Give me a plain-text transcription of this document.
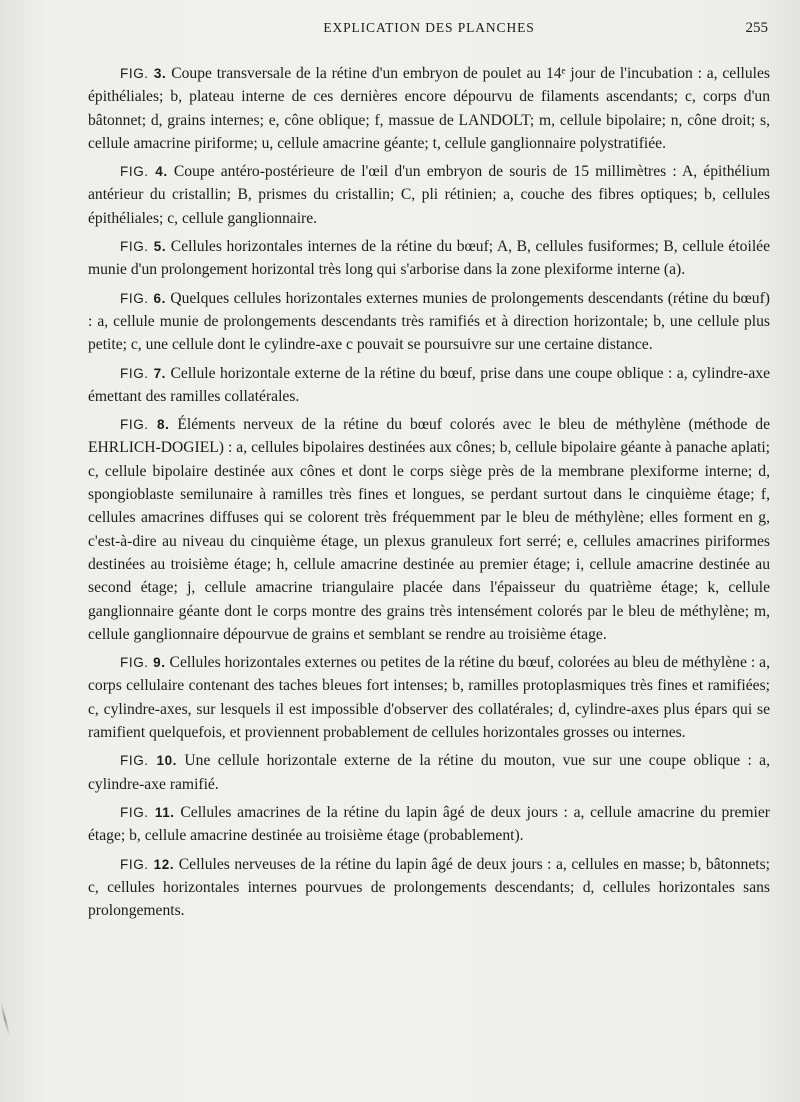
EXPLICATION DES PLANCHES	255

FIG. 3. Coupe transversale de la rétine d'un embryon de poulet au 14ᵉ jour de l'incubation : a, cellules épithéliales; b, plateau interne de ces dernières encore dépourvu de filaments ascendants; c, corps d'un bâtonnet; d, grains internes; e, cône oblique; f, massue de LANDOLT; m, cellule bipolaire; n, cône droit; s, cellule amacrine piriforme; u, cellule amacrine géante; t, cellule ganglionnaire polystratifiée.

FIG. 4. Coupe antéro-postérieure de l'œil d'un embryon de souris de 15 millimètres : A, épithélium antérieur du cristallin; B, prismes du cristallin; C, pli rétinien; a, couche des fibres optiques; b, cellules épithéliales; c, cellule ganglionnaire.

FIG. 5. Cellules horizontales internes de la rétine du bœuf; A, B, cellules fusiformes; B, cellule étoilée munie d'un prolongement horizontal très long qui s'arborise dans la zone plexiforme interne (a).

FIG. 6. Quelques cellules horizontales externes munies de prolongements descendants (rétine du bœuf) : a, cellule munie de prolongements descendants très ramifiés et à direction horizontale; b, une cellule plus petite; c, une cellule dont le cylindre-axe c pouvait se poursuivre sur une certaine distance.

FIG. 7. Cellule horizontale externe de la rétine du bœuf, prise dans une coupe oblique : a, cylindre-axe émettant des ramilles collatérales.

FIG. 8. Éléments nerveux de la rétine du bœuf colorés avec le bleu de méthylène (méthode de EHRLICH-DOGIEL) : a, cellules bipolaires destinées aux cônes; b, cellule bipolaire géante à panache aplati; c, cellule bipolaire destinée aux cônes et dont le corps siège près de la membrane plexiforme interne; d, spongioblaste semilunaire à ramilles très fines et longues, se perdant surtout dans le cinquième étage; f, cellules amacrines diffuses qui se colorent très fréquemment par le bleu de méthylène; elles forment en g, c'est-à-dire au niveau du cinquième étage, un plexus granuleux fort serré; e, cellules amacrines piriformes destinées au troisième étage; h, cellule amacrine destinée au premier étage; i, cellule amacrine destinée au second étage; j, cellule amacrine triangulaire placée dans l'épaisseur du quatrième étage; k, cellule ganglionnaire géante dont le corps montre des grains très intensément colorés par le bleu de méthylène; m, cellule ganglionnaire dépourvue de grains et semblant se rendre au troisième étage.

FIG. 9. Cellules horizontales externes ou petites de la rétine du bœuf, colorées au bleu de méthylène : a, corps cellulaire contenant des taches bleues fort intenses; b, ramilles protoplasmiques très fines et ramifiées; c, cylindre-axes, sur lesquels il est impossible d'observer des collatérales; d, cylindre-axes plus épars qui se ramifient quelquefois, et proviennent probablement de cellules horizontales grosses ou internes.

FIG. 10. Une cellule horizontale externe de la rétine du mouton, vue sur une coupe oblique : a, cylindre-axe ramifié.

FIG. 11. Cellules amacrines de la rétine du lapin âgé de deux jours : a, cellule amacrine du premier étage; b, cellule amacrine destinée au troisième étage (probablement).

FIG. 12. Cellules nerveuses de la rétine du lapin âgé de deux jours : a, cellules en masse; b, bâtonnets; c, cellules horizontales internes pourvues de prolongements descendants; d, cellules horizontales sans prolongements.
